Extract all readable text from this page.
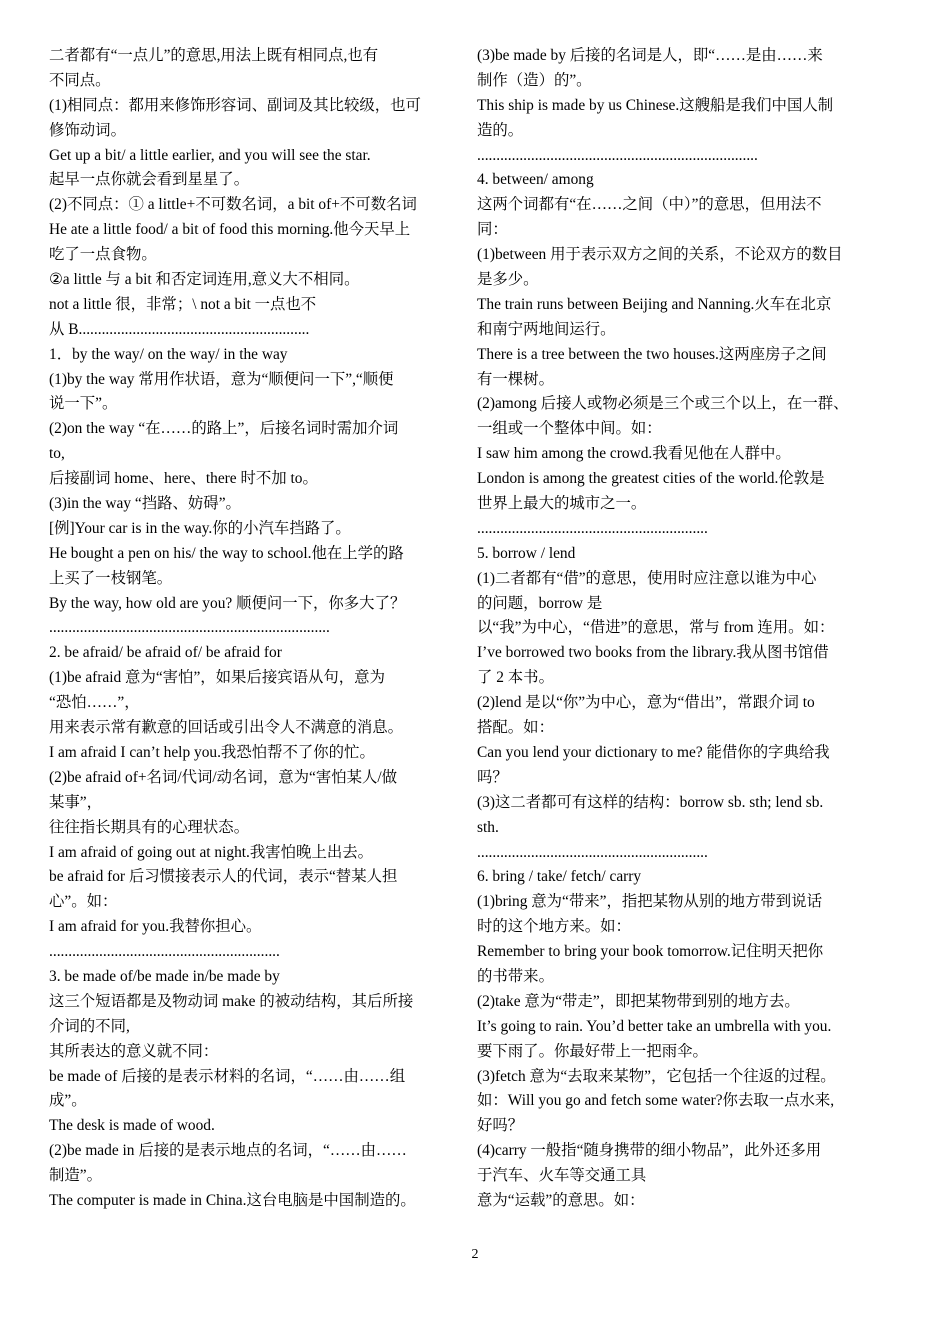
二者都有“一点儿”的意思,用法上既有相同点,也有
不同点。
(1)相同点：都用来修饰形容词、副词及其比较级，也可
修饰动词。
Get up a bit/ a little earlier, and you will see the star.
起早一点你就会看到星星了。
(2)不同点：① a little+不可数名词，a bit of+不可数名词
He ate a little food/ a bit of food this morning.他今天早上
吃了一点食物。
②a little 与 a bit 和否定词连用,意义大不相同。
not a little 很，非常；\ not a bit 一点也不
从 B............................................................
1．by the way/ on the way/ in the way
(1)by the way 常用作状语，意为“顺便问一下”,“顺便
说一下”。
(2)on the way “在……的路上”，后接名词时需加介词
to,
后接副词 home、here、there 时不加 to。
(3)in the way “挡路、妨碍”。
[例]Your car is in the way.你的小汽车挡路了。
He bought a pen on his/ the way to school.他在上学的路
上买了一枝钢笔。
By the way, how old are you? 顺便问一下，你多大了？
.........................................................................
2. be afraid/ be afraid of/ be afraid for
(1)be afraid 意为“害怕”，如果后接宾语从句，意为
“恐怕……”，
用来表示常有歉意的回话或引出令人不满意的消息。
I am afraid I can’t help you.我恐怕帮不了你的忙。
(2)be afraid of+名词/代词/动名词，意为“害怕某人/做
某事”，
往往指长期具有的心理状态。
I am afraid of going out at night.我害怕晚上出去。
be afraid for 后习惯接表示人的代词，表示“替某人担
心”。如：
I am afraid for you.我替你担心。
............................................................
3. be made of/be made in/be made by
这三个短语都是及物动词 make 的被动结构，其后所接
介词的不同,
其所表达的意义就不同：
be made of 后接的是表示材料的名词，“……由……组
成”。
The desk is made of wood.
(2)be made in 后接的是表示地点的名词，“……由……
制造”。
The computer is made in China.这台电脑是中国制造的。
(3)be made by 后接的名词是人，即“……是由……来
制作（造）的”。
This ship is made by us Chinese.这艘船是我们中国人制
造的。
.........................................................................
4. between/ among
这两个词都有“在……之间（中）”的意思，但用法不
同：
(1)between 用于表示双方之间的关系，不论双方的数目
是多少。
The train runs between Beijing and Nanning.火车在北京
和南宁两地间运行。
There is a tree between the two houses.这两座房子之间
有一棵树。
(2)among 后接人或物必须是三个或三个以上，在一群、
一组或一个整体中间。如：
I saw him among the crowd.我看见他在人群中。
London is among the greatest cities of the world.伦敦是
世界上最大的城市之一。
............................................................
5. borrow / lend
(1)二者都有“借”的意思，使用时应注意以谁为中心
的问题，borrow 是
以“我”为中心，“借进”的意思，常与 from 连用。如：
I’ve borrowed two books from the library.我从图书馆借
了 2 本书。
(2)lend 是以“你”为中心，意为“借出”，常跟介词 to
搭配。如：
Can you lend your dictionary to me? 能借你的字典给我
吗？
(3)这二者都可有这样的结构：borrow sb. sth; lend sb.
sth.
............................................................
6. bring / take/ fetch/ carry
(1)bring 意为“带来”，指把某物从别的地方带到说话
时的这个地方来。如：
Remember to bring your book tomorrow.记住明天把你
的书带来。
(2)take 意为“带走”，即把某物带到别的地方去。
It’s going to rain. You’d better take an umbrella with you.
要下雨了。你最好带上一把雨伞。
(3)fetch 意为“去取来某物”，它包括一个往返的过程。
如：Will you go and fetch some water?你去取一点水来,
好吗？
(4)carry 一般指“随身携带的细小物品”，此外还多用
于汽车、火车等交通工具
意为“运载”的意思。如：
2
